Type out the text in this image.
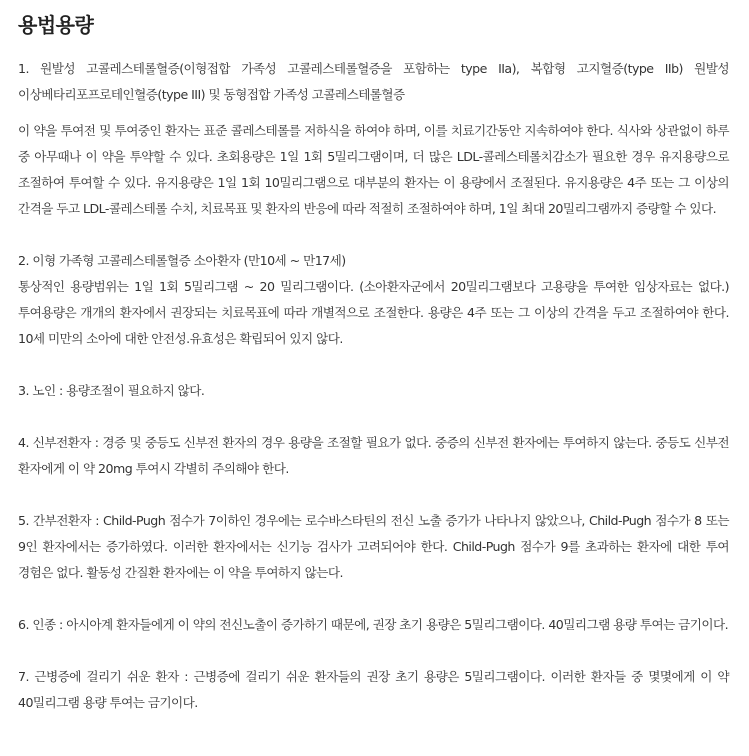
용법용량

1. 원발성 고콜레스테롤혈증(이형접합 가족성 고콜레스테롤혈증을 포함하는 type IIa), 복합형 고지혈증(type IIb) 원발성 이상베타리포프로테인혈증(type III) 및 동형접합 가족성 고콜레스테롤혈증

이 약을 투여전 및 투여중인 환자는 표준 콜레스테롤를 저하식을 하여야 하며, 이를 치료기간동안 지속하여야 한다. 식사와 상관없이 하루 중 아무때나 이 약을 투약할 수 있다. 초회용량은 1일 1회 5밀리그램이며, 더 많은 LDL-콜레스테롤치감소가 필요한 경우 유지용량으로 조절하여 투여할 수 있다. 유지용량은 1일 1회 10밀리그램으로 대부분의 환자는 이 용량에서 조절된다. 유지용량은 4주 또는 그 이상의 간격을 두고 LDL-콜레스테롤 수치, 치료목표 및 환자의 반응에 따라 적절히 조절하여야 하며, 1일 최대 20밀리그램까지 증량할 수 있다.

2. 이형 가족형 고콜레스테롤혈증 소아환자 (만10세 ~ 만17세)

통상적인 용량범위는 1일 1회 5밀리그램 ~ 20 밀리그램이다. (소아환자군에서 20밀리그램보다 고용량을 투여한 임상자료는 없다.) 투여용량은 개개의 환자에서 권장되는 치료목표에 따라 개별적으로 조절한다. 용량은 4주 또는 그 이상의 간격을 두고 조절하여야 한다. 10세 미만의 소아에 대한 안전성.유효성은 확립되어 있지 않다.

3. 노인 : 용량조절이 필요하지 않다.

4. 신부전환자 : 경증 및 중등도 신부전 환자의 경우 용량을 조절할 필요가 없다. 중증의 신부전 환자에는 투여하지 않는다. 중등도 신부전 환자에게 이 약 20mg 투여시 각별히 주의해야 한다.

5. 간부전환자 : Child-Pugh 점수가 7이하인 경우에는 로수바스타틴의 전신 노출 증가가 나타나지 않았으나, Child-Pugh 점수가 8 또는 9인 환자에서는 증가하였다. 이러한 환자에서는 신기능 검사가 고려되어야 한다. Child-Pugh 점수가 9를 초과하는 환자에 대한 투여 경험은 없다. 활동성 간질환 환자에는 이 약을 투여하지 않는다.

6. 인종 : 아시아계 환자들에게 이 약의 전신노출이 증가하기 때문에, 권장 초기 용량은 5밀리그램이다. 40밀리그램 용량 투여는 금기이다.

7. 근병증에 걸리기 쉬운 환자 : 근병증에 걸리기 쉬운 환자들의 권장 초기 용량은 5밀리그램이다. 이러한 환자들 중 몇몇에게 이 약 40밀리그램 용량 투여는 금기이다.
